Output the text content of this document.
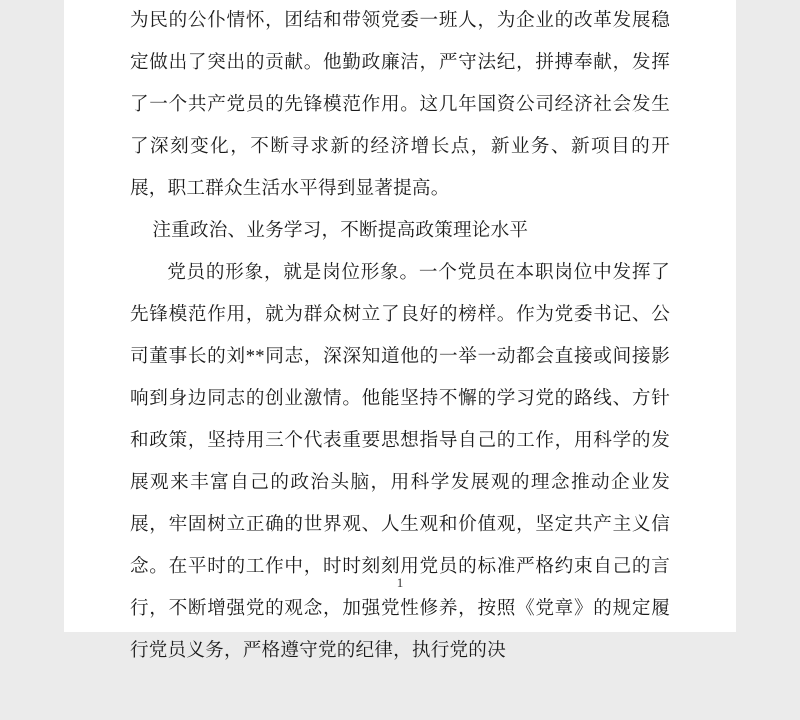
为民的公仆情怀，团结和带领党委一班人，为企业的改革发展稳定做出了突出的贡献。他勤政廉洁，严守法纪，拼搏奉献，发挥了一个共产党员的先锋模范作用。这几年国资公司经济社会发生了深刻变化，不断寻求新的经济增长点，新业务、新项目的开展，职工群众生活水平得到显著提高。

注重政治、业务学习，不断提高政策理论水平

党员的形象，就是岗位形象。一个党员在本职岗位中发挥了先锋模范作用，就为群众树立了良好的榜样。作为党委书记、公司董事长的刘**同志，深深知道他的一举一动都会直接或间接影响到身边同志的创业激情。他能坚持不懈的学习党的路线、方针和政策，坚持用三个代表重要思想指导自己的工作，用科学的发展观来丰富自己的政治头脑，用科学发展观的理念推动企业发展，牢固树立正确的世界观、人生观和价值观，坚定共产主义信念。在平时的工作中，时时刻刻用党员的标准严格约束自己的言行，不断增强党的观念，加强党性修养，按照《党章》的规定履行党员义务，严格遵守党的纪律，执行党的决

1
